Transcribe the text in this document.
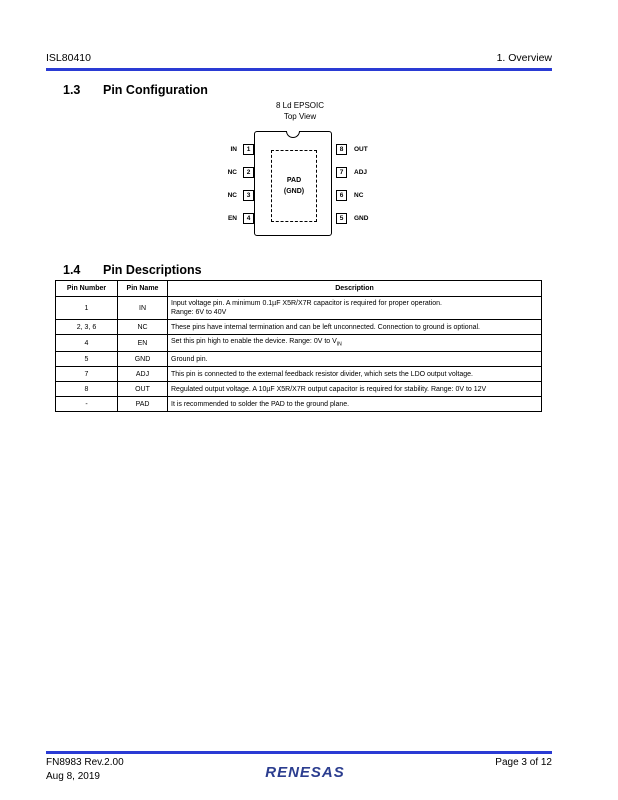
ISL80410	1. Overview
1.3 Pin Configuration
8 Ld EPSOIC
Top View
PAD
(GND)
1
IN
2
NC
3
NC
4
EN
8	OUT
7	ADJ
6	NC
5	GND
1.4 Pin Descriptions
Pin Number	Pin Name	Description
1	IN	Input voltage pin. A minimum 0.1µF X5R/X7R capacitor is required for proper operation.
Range: 6V to 40V

2, 3, 6	NC	These pins have internal termination and can be left unconnected. Connection to ground is optional.
4	EN	Set this pin high to enable the device. Range: 0V to $V_{IN}$
5	GND	Ground pin.
7	ADJ	This pin is connected to the external feedback resistor divider, which sets the LDO output voltage.
8	OUT	Regulated output voltage. A 10µF X5R/X7R output capacitor is required for stability. Range: 0V to 12V
-	PAD	It is recommended to solder the PAD to the ground plane.
FN8983 Rev.2.00
Aug 8, 2019
Page 3 of 12
RENESAS
